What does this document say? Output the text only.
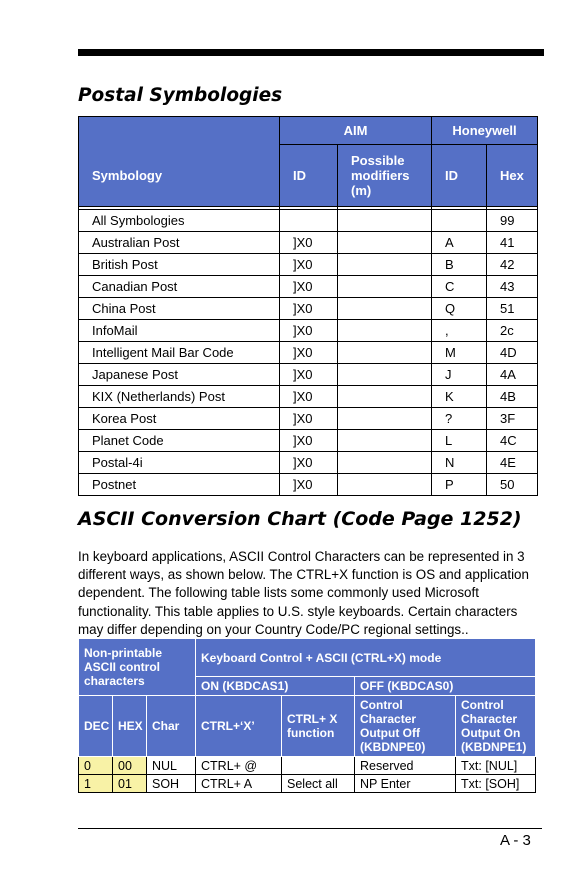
Postal Symbologies
	AIM		Honeywell	
Symbology	ID	Possible modifiers (m)	ID	Hex

All Symbologies				99
Australian Post	]X0		A	41
British Post	]X0		B	42
Canadian Post	]X0		C	43
China Post	]X0		Q	51
InfoMail	]X0		,	2c
Intelligent Mail Bar Code	]X0		M	4D
Japanese Post	]X0		J	4A
KIX (Netherlands) Post	]X0		K	4B
Korea Post	]X0		?	3F
Planet Code	]X0		L	4C
Postal-4i	]X0		N	4E
Postnet	]X0		P	50
ASCII Conversion Chart (Code Page 1252)

In keyboard applications, ASCII Control Characters can be represented in 3 different ways, as shown below. The CTRL+X function is OS and application dependent. The following table lists some commonly used Microsoft functionality. This table applies to U.S. style keyboards. Certain characters may differ depending on your Country Code/PC regional settings..

Non-printable ASCII control characters			Keyboard Control + ASCII (CTRL+X) mode			
			ON (KBDCAS1)		OFF (KBDCAS0)	
DEC	HEX	Char	CTRL+‘X’	CTRL+ X function	Control Character Output Off (KBDNPE0)	Control Character Output On (KBDNPE1)
0	00	NUL	CTRL+ @		Reserved	Txt: [NUL]
1	01	SOH	CTRL+ A	Select all	NP Enter	Txt: [SOH]
A - 3
